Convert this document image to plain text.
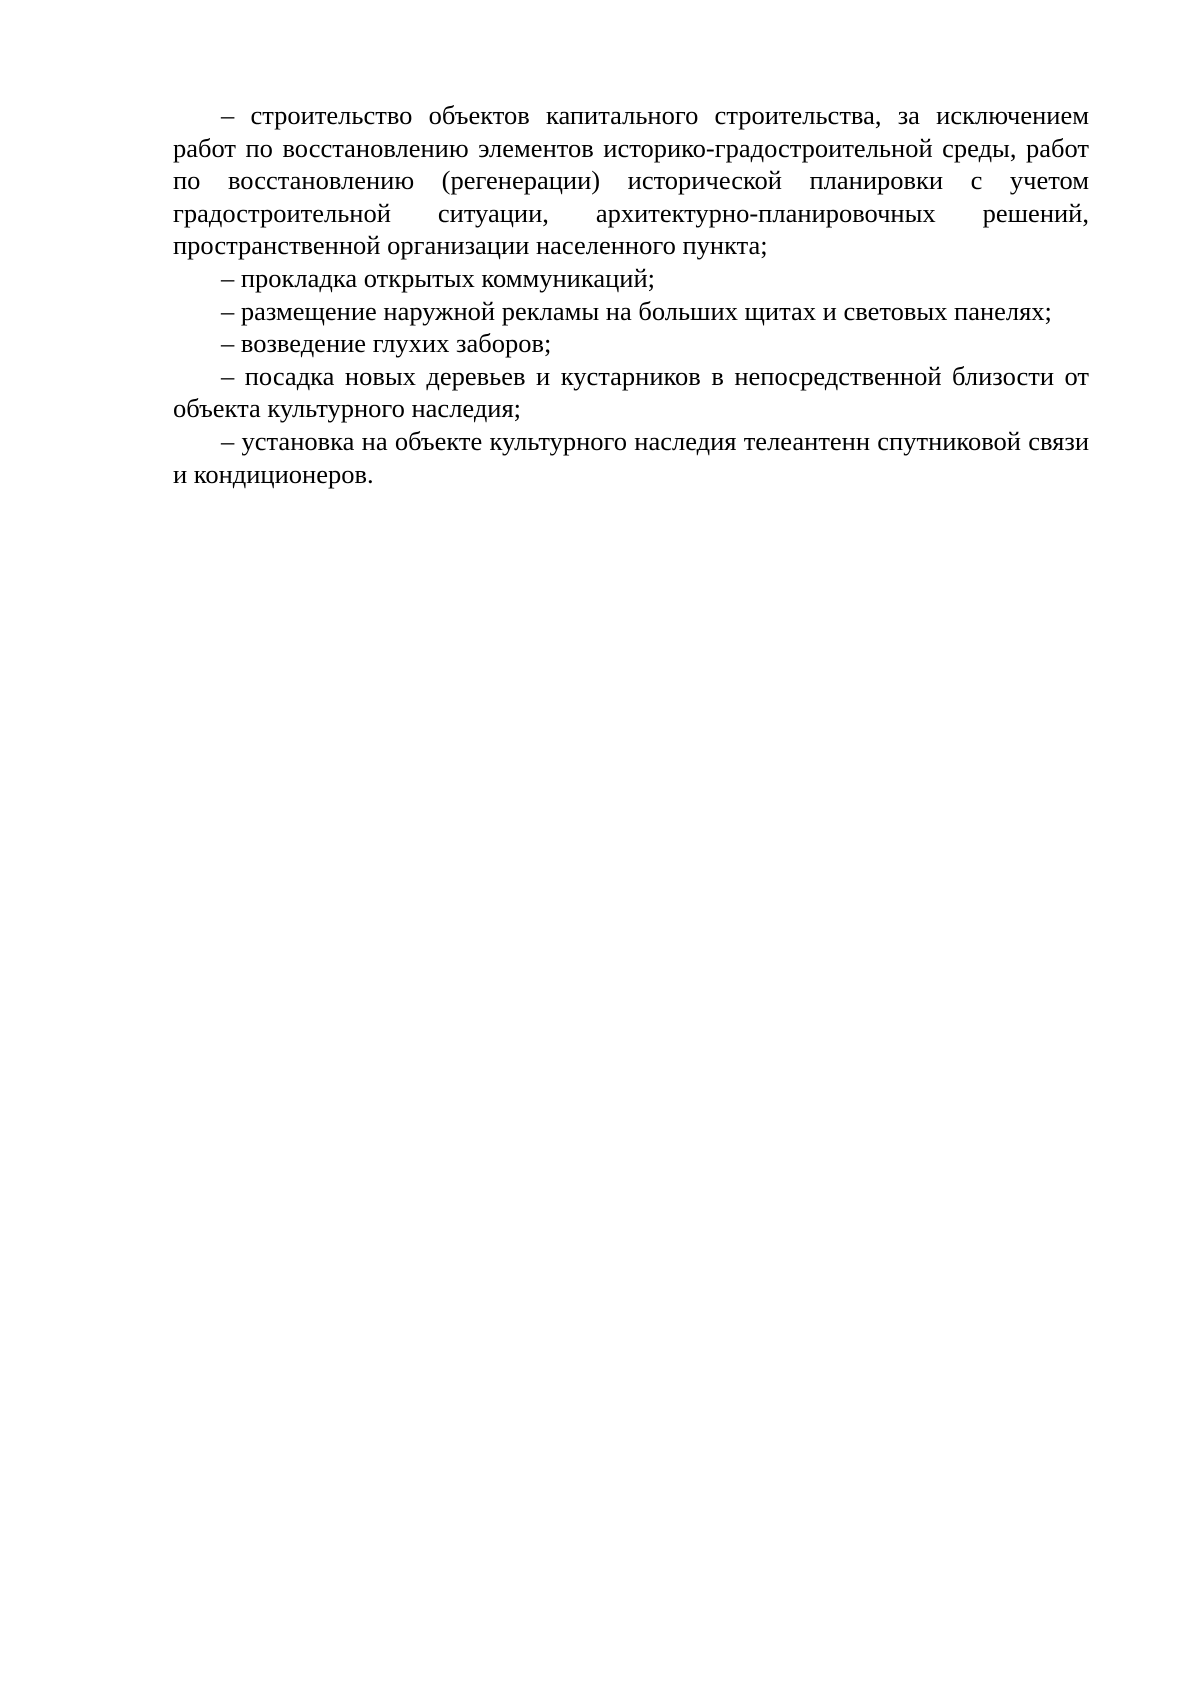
– строительство объектов капитального строительства, за исключением работ по восстановлению элементов историко-градостроительной среды, работ по восстановлению (регенерации) исторической планировки с учетом градостроительной ситуации, архитектурно-планировочных решений, пространственной организации населенного пункта;

– прокладка открытых коммуникаций;

– размещение наружной рекламы на больших щитах и световых панелях;

– возведение глухих заборов;

– посадка новых деревьев и кустарников в непосредственной близости от объекта культурного наследия;

– установка на объекте культурного наследия телеантенн спутниковой связи и кондиционеров.
